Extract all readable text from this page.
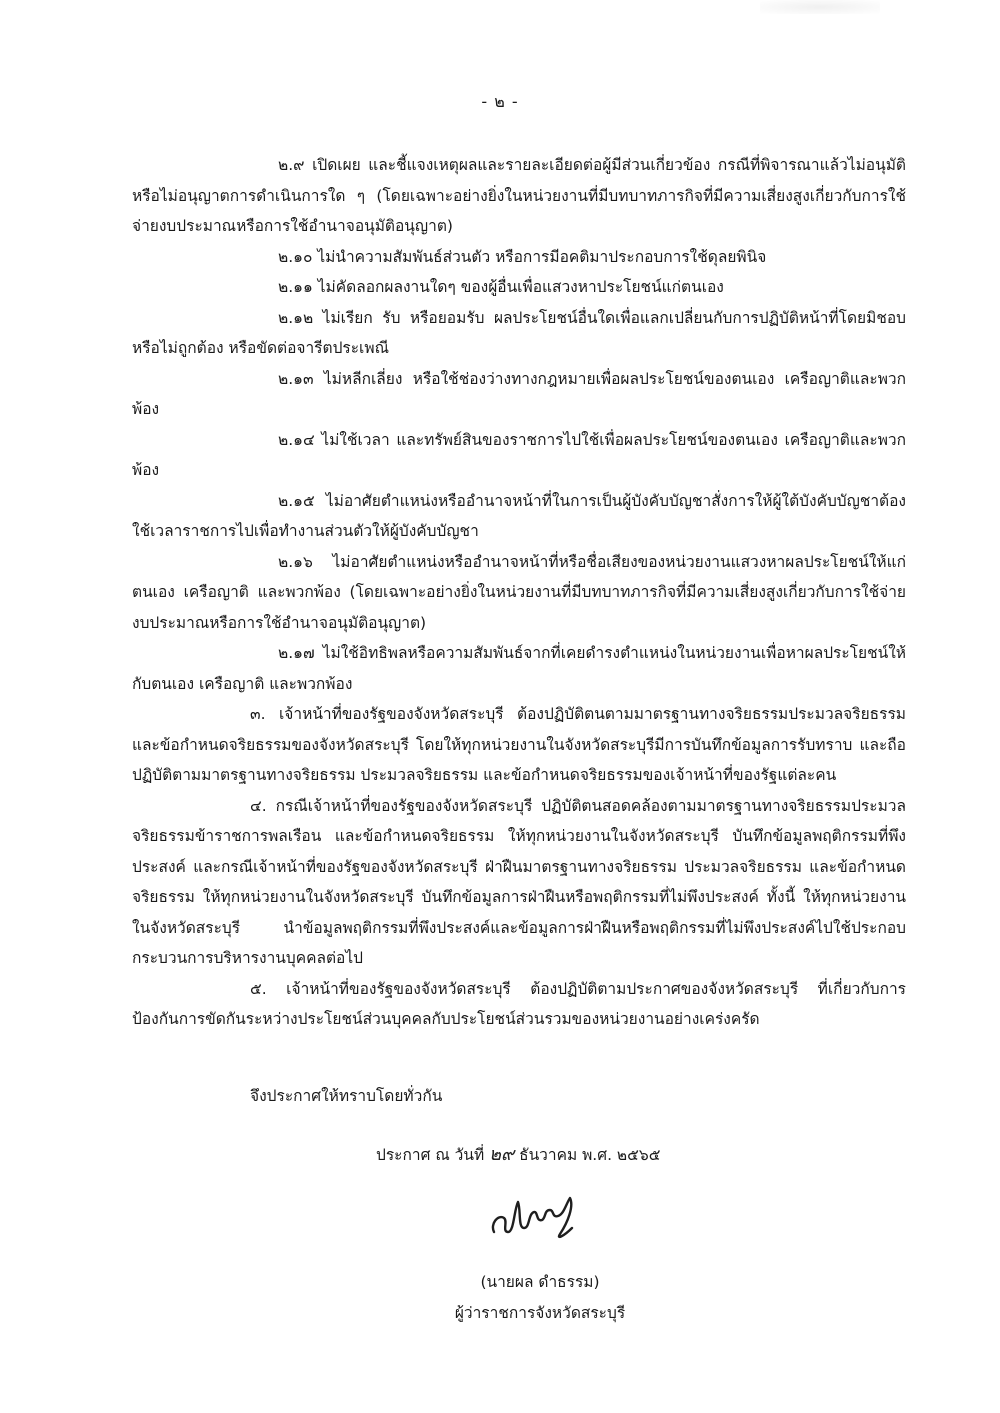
- ๒ -

๒.๙ เปิดเผย และชี้แจงเหตุผลและรายละเอียดต่อผู้มีส่วนเกี่ยวข้อง กรณีที่พิจารณาแล้วไม่อนุมัติ หรือไม่อนุญาตการดำเนินการใด ๆ (โดยเฉพาะอย่างยิ่งในหน่วยงานที่มีบทบาทภารกิจที่มีความเสี่ยงสูงเกี่ยวกับการใช้จ่ายงบประมาณหรือการใช้อำนาจอนุมัติอนุญาต)

๒.๑๐ ไม่นำความสัมพันธ์ส่วนตัว หรือการมีอคติมาประกอบการใช้ดุลยพินิจ

๒.๑๑ ไม่คัดลอกผลงานใดๆ ของผู้อื่นเพื่อแสวงหาประโยชน์แก่ตนเอง

๒.๑๒ ไม่เรียก รับ หรือยอมรับ ผลประโยชน์อื่นใดเพื่อแลกเปลี่ยนกับการปฏิบัติหน้าที่โดยมิชอบหรือไม่ถูกต้อง หรือขัดต่อจารีตประเพณี

๒.๑๓ ไม่หลีกเลี่ยง หรือใช้ช่องว่างทางกฎหมายเพื่อผลประโยชน์ของตนเอง เครือญาติและพวกพ้อง

๒.๑๔ ไม่ใช้เวลา และทรัพย์สินของราชการไปใช้เพื่อผลประโยชน์ของตนเอง เครือญาติและพวกพ้อง

๒.๑๕ ไม่อาศัยตำแหน่งหรืออำนาจหน้าที่ในการเป็นผู้บังคับบัญชาสั่งการให้ผู้ใต้บังคับบัญชาต้องใช้เวลาราชการไปเพื่อทำงานส่วนตัวให้ผู้บังคับบัญชา

๒.๑๖ ไม่อาศัยตำแหน่งหรืออำนาจหน้าที่หรือชื่อเสียงของหน่วยงานแสวงหาผลประโยชน์ให้แก่ตนเอง เครือญาติ และพวกพ้อง (โดยเฉพาะอย่างยิ่งในหน่วยงานที่มีบทบาทภารกิจที่มีความเสี่ยงสูงเกี่ยวกับการใช้จ่ายงบประมาณหรือการใช้อำนาจอนุมัติอนุญาต)

๒.๑๗ ไม่ใช้อิทธิพลหรือความสัมพันธ์จากที่เคยดำรงตำแหน่งในหน่วยงานเพื่อหาผลประโยชน์ให้กับตนเอง เครือญาติ และพวกพ้อง

๓. เจ้าหน้าที่ของรัฐของจังหวัดสระบุรี ต้องปฏิบัติตนตามมาตรฐานทางจริยธรรมประมวลจริยธรรม และข้อกำหนดจริยธรรมของจังหวัดสระบุรี โดยให้ทุกหน่วยงานในจังหวัดสระบุรีมีการบันทึกข้อมูลการรับทราบ และถือปฏิบัติตามมาตรฐานทางจริยธรรม ประมวลจริยธรรม และข้อกำหนดจริยธรรมของเจ้าหน้าที่ของรัฐแต่ละคน

๔. กรณีเจ้าหน้าที่ของรัฐของจังหวัดสระบุรี ปฏิบัติตนสอดคล้องตามมาตรฐานทางจริยธรรมประมวลจริยธรรมข้าราชการพลเรือน และข้อกำหนดจริยธรรม ให้ทุกหน่วยงานในจังหวัดสระบุรี บันทึกข้อมูลพฤติกรรมที่พึงประสงค์ และกรณีเจ้าหน้าที่ของรัฐของจังหวัดสระบุรี ฝ่าฝืนมาตรฐานทางจริยธรรม ประมวลจริยธรรม และข้อกำหนดจริยธรรม ให้ทุกหน่วยงานในจังหวัดสระบุรี บันทึกข้อมูลการฝ่าฝืนหรือพฤติกรรมที่ไม่พึงประสงค์ ทั้งนี้ ให้ทุกหน่วยงานในจังหวัดสระบุรี นำข้อมูลพฤติกรรมที่พึงประสงค์และข้อมูลการฝ่าฝืนหรือพฤติกรรมที่ไม่พึงประสงค์ไปใช้ประกอบกระบวนการบริหารงานบุคคลต่อไป

๕. เจ้าหน้าที่ของรัฐของจังหวัดสระบุรี ต้องปฏิบัติตามประกาศของจังหวัดสระบุรี ที่เกี่ยวกับการป้องกันการขัดกันระหว่างประโยชน์ส่วนบุคคลกับประโยชน์ส่วนรวมของหน่วยงานอย่างเคร่งครัด

จึงประกาศให้ทราบโดยทั่วกัน
ประกาศ ณ วันที่ ๒๙ ธันวาคม พ.ศ. ๒๕๖๕
(นายผล ดำธรรม)
ผู้ว่าราชการจังหวัดสระบุรี
